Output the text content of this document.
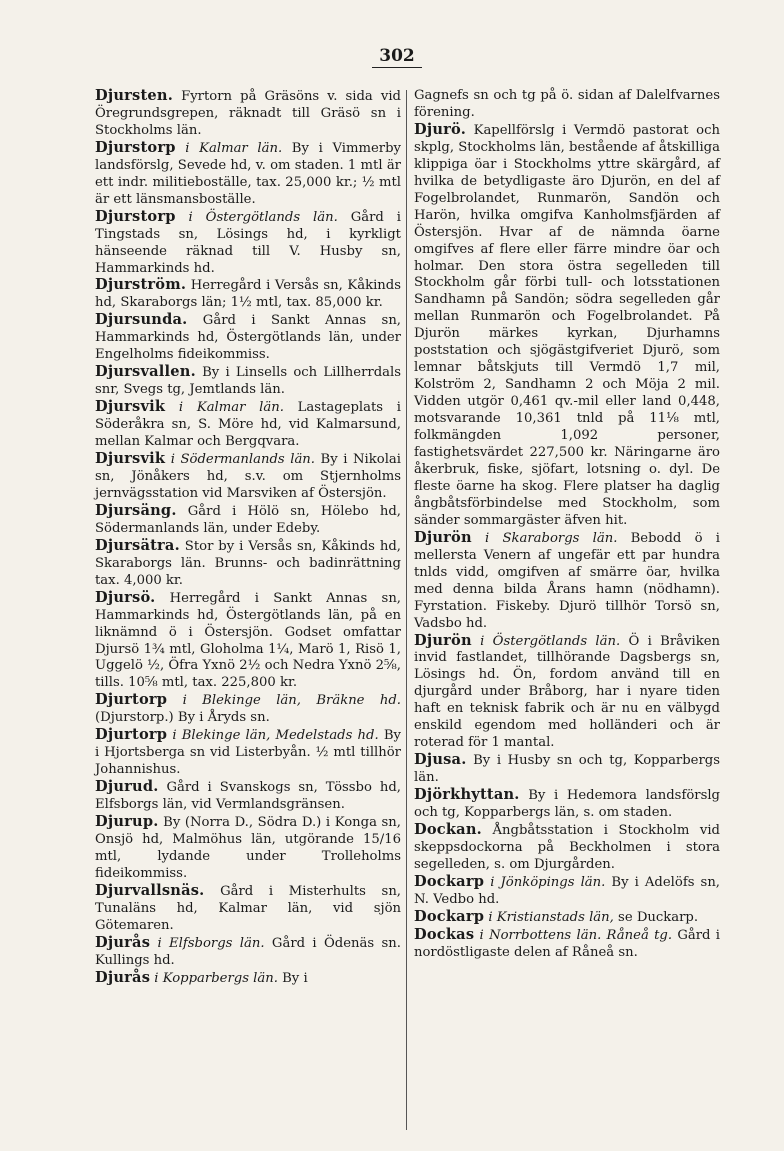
302

Djursten. Fyrtorn på Gräsöns v. sida vid Öregrundsgrepen, räknadt till Gräsö sn i Stockholms län.

Djurstorp i Kalmar län. By i Vimmerby landsförslg, Sevede hd, v. om staden. 1 mtl är ett indr. militieboställe, tax. 25,000 kr.; ½ mtl är ett länsmansboställe.

Djurstorp i Östergötlands län. Gård i Tingstads sn, Lösings hd, i kyrkligt hänseende räknad till V. Husby sn, Hammarkinds hd.

Djurström. Herregård i Versås sn, Kåkinds hd, Skaraborgs län; 1½ mtl, tax. 85,000 kr.

Djursunda. Gård i Sankt Annas sn, Hammarkinds hd, Östergötlands län, under Engelholms fideikommiss.

Djursvallen. By i Linsells och Lillherrdals snr, Svegs tg, Jemtlands län.

Djursvik i Kalmar län. Lastageplats i Söderåkra sn, S. Möre hd, vid Kalmarsund, mellan Kalmar och Bergqvara.

Djursvik i Södermanlands län. By i Nikolai sn, Jönåkers hd, s.v. om Stjernholms jernvägsstation vid Marsviken af Östersjön.

Djursäng. Gård i Hölö sn, Hölebo hd, Södermanlands län, under Edeby.

Djursätra. Stor by i Versås sn, Kåkinds hd, Skaraborgs län. Brunns- och badinrättning tax. 4,000 kr.

Djursö. Herregård i Sankt Annas sn, Hammarkinds hd, Östergötlands län, på en liknämnd ö i Östersjön. Godset omfattar Djursö 1¾ mtl, Gloholma 1¼, Marö 1, Risö 1, Uggelö ½, Öfra Yxnö 2½ och Nedra Yxnö 2⅝, tills. 10⅝ mtl, tax. 225,800 kr.

Djurtorp i Blekinge län, Bräkne hd. (Djurstorp.) By i Åryds sn.

Djurtorp i Blekinge län, Medelstads hd. By i Hjortsberga sn vid Listerbyån. ½ mtl tillhör Johannishus.

Djurud. Gård i Svanskogs sn, Tössbo hd, Elfsborgs län, vid Vermlandsgränsen.

Djurup. By (Norra D., Södra D.) i Konga sn, Onsjö hd, Malmöhus län, utgörande 15/16 mtl, lydande under Trolleholms fideikommiss.

Djurvallsnäs. Gård i Misterhults sn, Tunaläns hd, Kalmar län, vid sjön Götemaren.

Djurås i Elfsborgs län. Gård i Ödenäs sn. Kullings hd.

Djurås i Kopparbergs län. By i

Gagnefs sn och tg på ö. sidan af Dalelfvarnes förening.

Djurö. Kapellförslg i Vermdö pastorat och skplg, Stockholms län, bestående af åtskilliga klippiga öar i Stockholms yttre skärgård, af hvilka de betydligaste äro Djurön, en del af Fogelbrolandet, Runmarön, Sandön och Harön, hvilka omgifva Kanholmsfjärden af Östersjön. Hvar af de nämnda öarne omgifves af flere eller färre mindre öar och holmar. Den stora östra segelleden till Stockholm går förbi tull- och lotsstationen Sandhamn på Sandön; södra segelleden går mellan Runmarön och Fogelbrolandet. På Djurön märkes kyrkan, Djurhamns poststation och sjögästgifveriet Djurö, som lemnar båtskjuts till Vermdö 1,7 mil, Kolström 2, Sandhamn 2 och Möja 2 mil. Vidden utgör 0,461 qv.-mil eller land 0,448, motsvarande 10,361 tnld på 11⅛ mtl, folkmängden 1,092 personer, fastighetsvärdet 227,500 kr. Näringarne äro åkerbruk, fiske, sjöfart, lotsning o. dyl. De fleste öarne ha skog. Flere platser ha daglig ångbåtsförbindelse med Stockholm, som sänder sommargäster äfven hit.

Djurön i Skaraborgs län. Bebodd ö i mellersta Venern af ungefär ett par hundra tnlds vidd, omgifven af smärre öar, hvilka med denna bilda Årans hamn (nödhamn). Fyrstation. Fiskeby. Djurö tillhör Torsö sn, Vadsbo hd.

Djurön i Östergötlands län. Ö i Bråviken invid fastlandet, tillhörande Dagsbergs sn, Lösings hd. Ön, fordom använd till en djurgård under Bråborg, har i nyare tiden haft en teknisk fabrik och är nu en välbygd enskild egendom med holländeri och är roterad för 1 mantal.

Djusa. By i Husby sn och tg, Kopparbergs län.

Djörkhyttan. By i Hedemora landsförslg och tg, Kopparbergs län, s. om staden.

Dockan. Ångbåtsstation i Stockholm vid skeppsdockorna på Beckholmen i stora segelleden, s. om Djurgården.

Dockarp i Jönköpings län. By i Adelöfs sn, N. Vedbo hd.

Dockarp i Kristianstads län, se Duckarp.

Dockas i Norrbottens län. Råneå tg. Gård i nordöstligaste delen af Råneå sn.
